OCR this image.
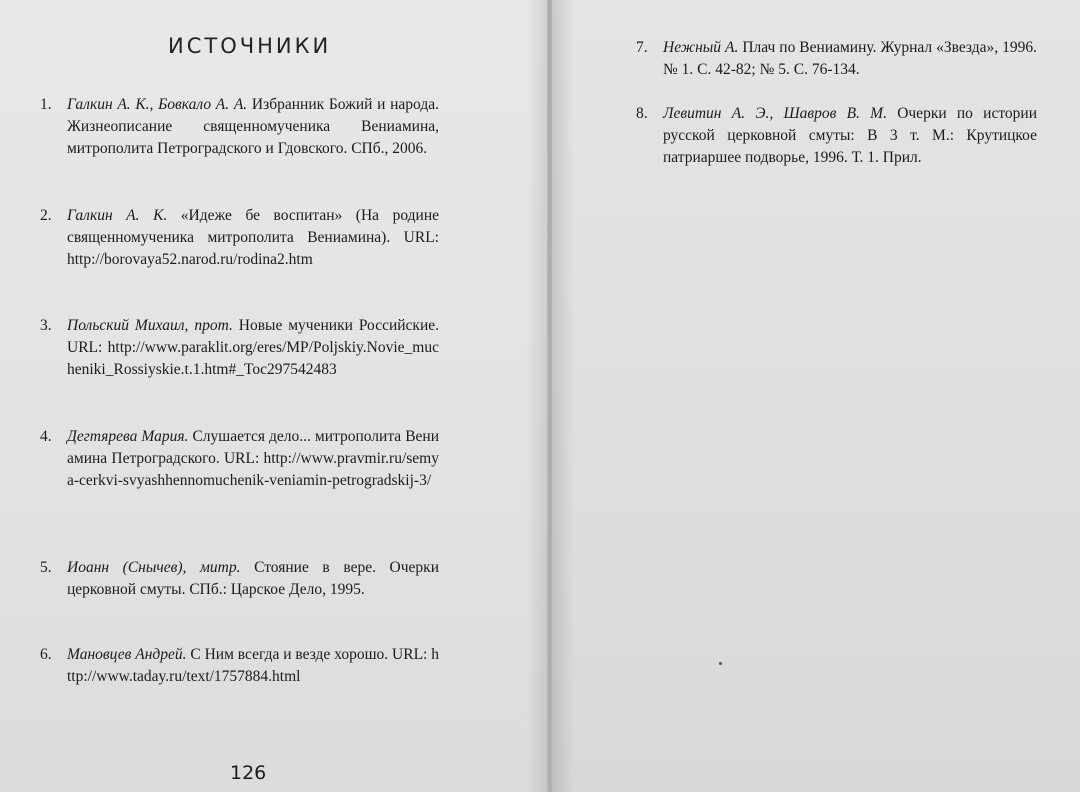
ИСТОЧНИКИ
1. Галкин А. К., Бовкало А. А. Избранник Божий и народа. Жизнеописание священномученика Вениамина, митрополита Петроградского и Гдовского. СПб., 2006.
2. Галкин А. К. «Идеже бе воспитан» (На родине священномученика митрополита Вениамина). URL: http://borovaya52.narod.ru/rodina2.htm
3. Польский Михаил, прот. Новые мученики Российские. URL: http://www.paraklit.org/eres/MP/Poljskiy.Novie_mucheniki_Rossiyskie.t.1.htm#_Toc297542483
4. Дегтярева Мария. Слушается дело... митрополита Вениамина Петроградского. URL: http://www.pravmir.ru/semya-cerkvi-svyashhennomuchenik-veniamin-petrogradskij-3/
5. Иоанн (Снычев), митр. Стояние в вере. Очерки церковной смуты. СПб.: Царское Дело, 1995.
6. Мановцев Андрей. С Ним всегда и везде хорошо. URL: http://www.taday.ru/text/1757884.html
126
7. Нежный А. Плач по Вениамину. Журнал «Звезда», 1996. № 1. С. 42-82; № 5. С. 76-134.
8. Левитин А. Э., Шавров В. М. Очерки по истории русской церковной смуты: В 3 т. М.: Крутицкое патриаршее подворье, 1996. Т. 1. Прил.
